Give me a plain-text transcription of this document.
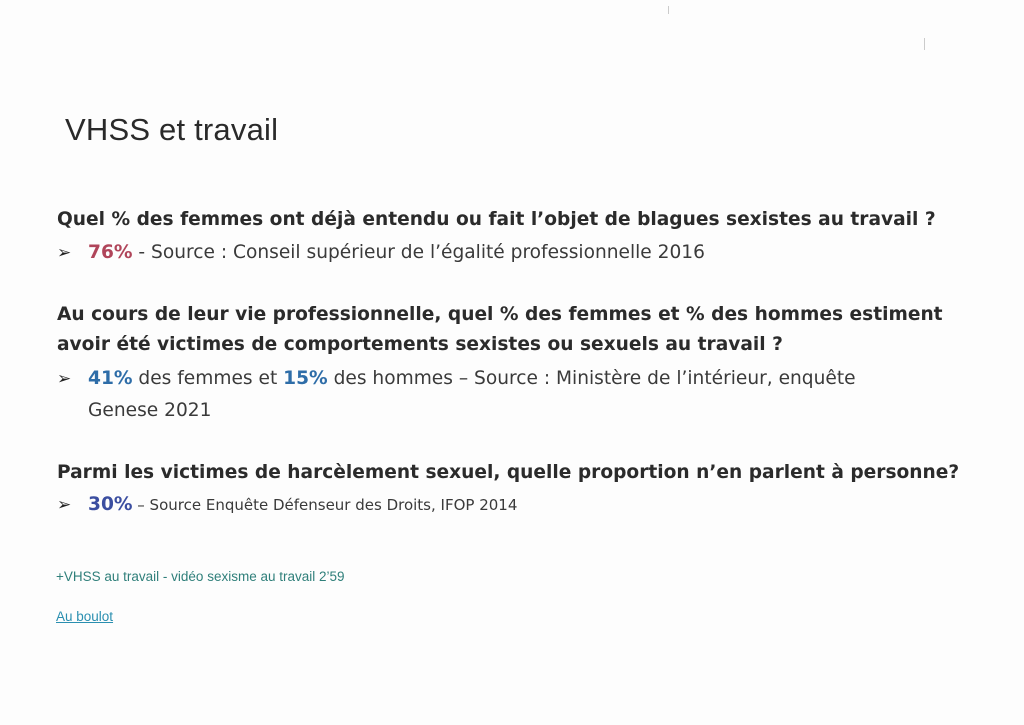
VHSS et travail
Quel % des femmes ont déjà entendu ou fait l’objet de blagues sexistes au travail ?
➢ 76% - Source : Conseil supérieur de l’égalité professionnelle 2016
Au cours de leur vie professionnelle, quel % des femmes et % des hommes estiment
avoir été victimes de comportements sexistes ou sexuels au travail ?
➢ 41% des femmes et 15% des hommes – Source : Ministère de l’intérieur, enquête
Genese 2021
Parmi les victimes de harcèlement sexuel, quelle proportion n’en parlent à personne?
➢ 30% – Source Enquête Défenseur des Droits, IFOP 2014
+VHSS au travail - vidéo sexisme au travail 2’59
Au boulot
